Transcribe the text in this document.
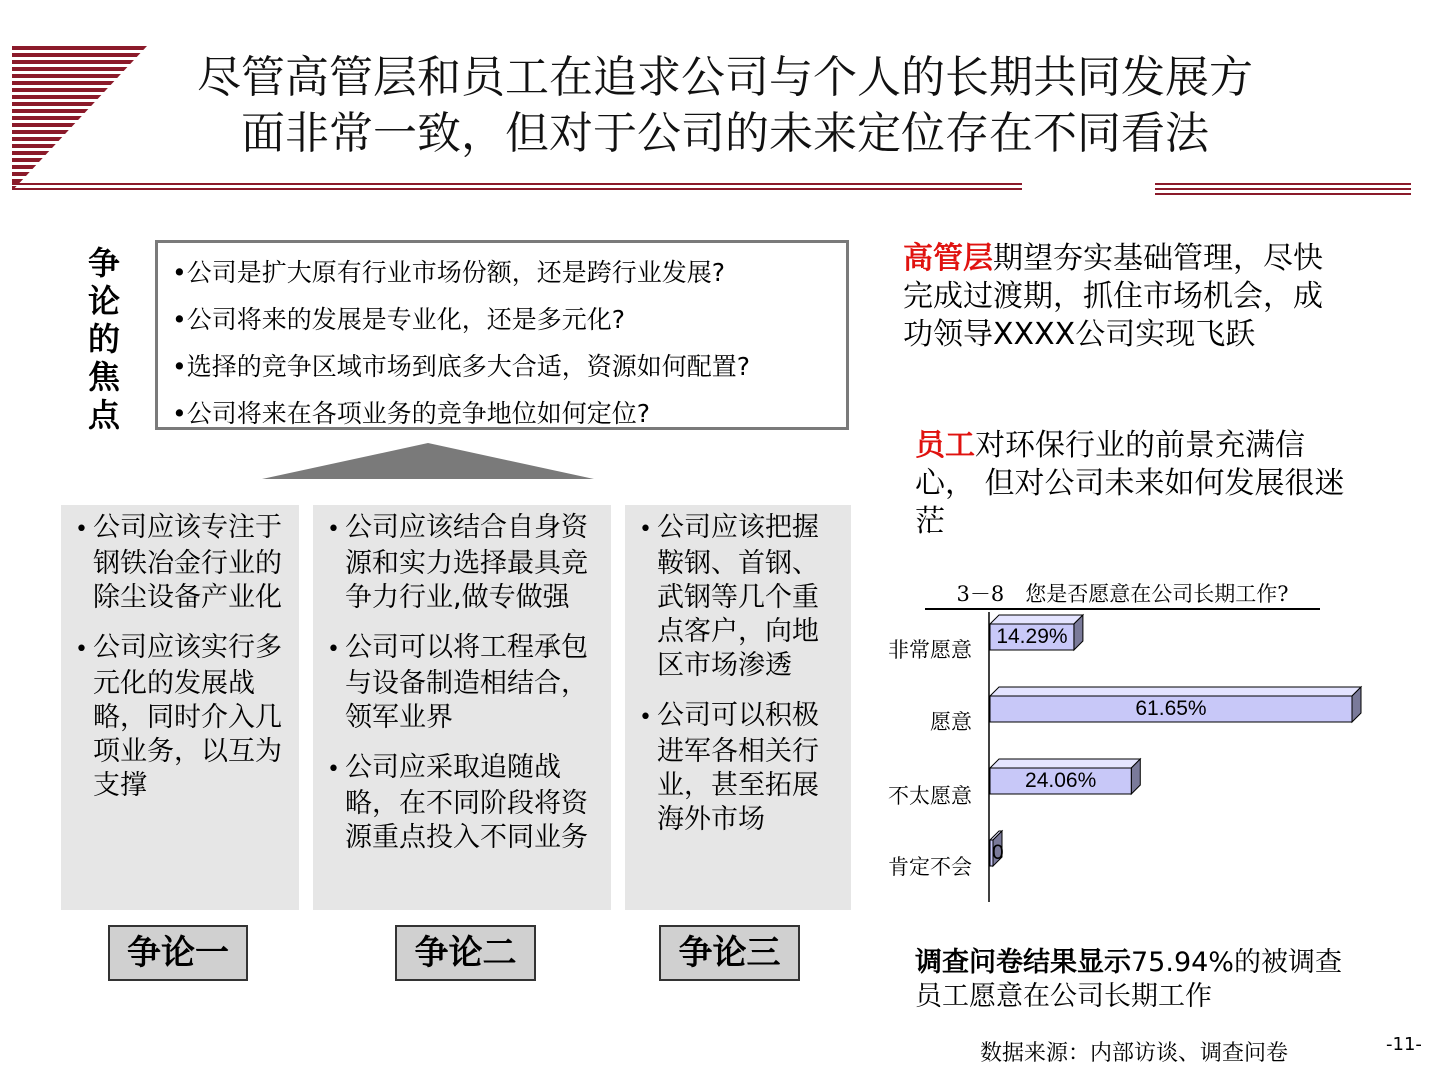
尽管高管层和员工在追求公司与个人的长期共同发展方
面非常一致，但对于公司的未来定位存在不同看法
争
论
的
焦
点
•公司是扩大原有行业市场份额，还是跨行业发展?
•公司将来的发展是专业化，还是多元化?
•选择的竞争区域市场到底多大合适，资源如何配置?
•公司将来在各项业务的竞争地位如何定位?
• 公司应该专注于钢铁冶金行业的除尘设备产业化
• 公司应该实行多元化的发展战略，同时介入几项业务，以互为支撑
• 公司应该结合自身资源和实力选择最具竞争力行业,做专做强
• 公司可以将工程承包与设备制造相结合，领军业界
• 公司应采取追随战略，在不同阶段将资源重点投入不同业务
• 公司应该把握鞍钢、首钢、武钢等几个重点客户，向地区市场渗透
• 公司可以积极进军各相关行业，甚至拓展海外市场
争论一	争论二	争论三
高管层期望夯实基础管理，尽快完成过渡期，抓住市场机会，成功领导XXXX公司实现飞跃
员工对环保行业的前景充满信心， 但对公司未来如何发展很迷茫
3－8　您是否愿意在公司长期工作?
非常愿意
愿意
不太愿意
肯定不会
14.29%
61.65%
24.06%
0
调查问卷结果显示75.94%的被调查员工愿意在公司长期工作
数据来源：内部访谈、调查问卷	-11-
